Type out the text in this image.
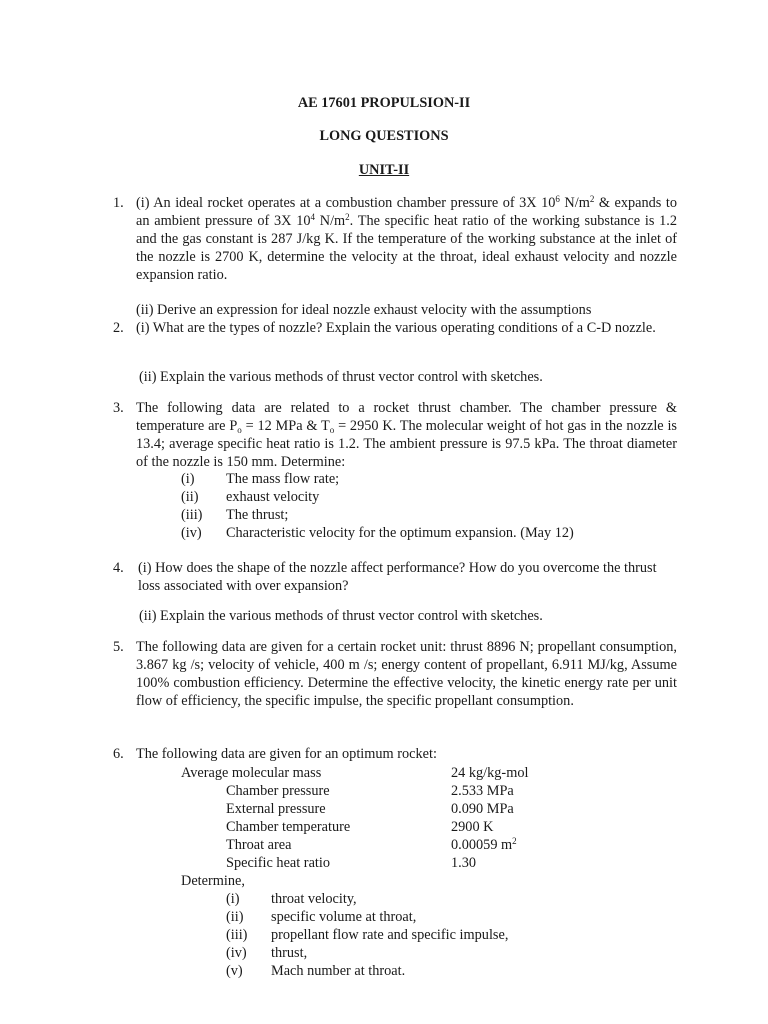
AE 17601 PROPULSION-II
LONG QUESTIONS
UNIT-II
1. (i) An ideal rocket operates at a combustion chamber pressure of 3X $10^6$ $N/m^2$ & expands to an ambient pressure of 3X $10^4$ $N/m^2$. The specific heat ratio of the working substance is 1.2 and the gas constant is 287 J/kg K. If the temperature of the working substance at the inlet of the nozzle is 2700 K, determine the velocity at the throat, ideal exhaust velocity and nozzle expansion ratio.

(ii) Derive an expression for ideal nozzle exhaust velocity with the assumptions

2. (i) What are the types of nozzle? Explain the various operating conditions of a C-D nozzle.

(ii) Explain the various methods of thrust vector control with sketches.

3. The following data are related to a rocket thrust chamber. The chamber pressure & temperature are $P_o = 12$ MPa & $T_o = 2950$ K. The molecular weight of hot gas in the nozzle is 13.4; average specific heat ratio is 1.2. The ambient pressure is 97.5 kPa. The throat diameter of the nozzle is 150 mm. Determine:

(i) The mass flow rate;
(ii) exhaust velocity
(iii) The thrust;
(iv) Characteristic velocity for the optimum expansion. (May 12)
4. (i) How does the shape of the nozzle affect performance? How do you overcome the thrust loss associated with over expansion?

(ii) Explain the various methods of thrust vector control with sketches.

5. The following data are given for a certain rocket unit: thrust 8896 N; propellant consumption, 3.867 kg /s; velocity of vehicle, 400 m /s; energy content of propellant, 6.911 MJ/kg, Assume 100% combustion efficiency. Determine the effective velocity, the kinetic energy rate per unit flow of efficiency, the specific impulse, the specific propellant consumption.

6. The following data are given for an optimum rocket:

Average molecular mass	24 kg/kg-mol
Chamber pressure	2.533 MPa
External pressure	0.090 MPa
Chamber temperature	2900 K
Throat area	0.00059 $m^2$
Specific heat ratio	1.30
Determine,
(i) throat velocity,
(ii) specific volume at throat,
(iii) propellant flow rate and specific impulse,
(iv) thrust,
(v) Mach number at throat.
